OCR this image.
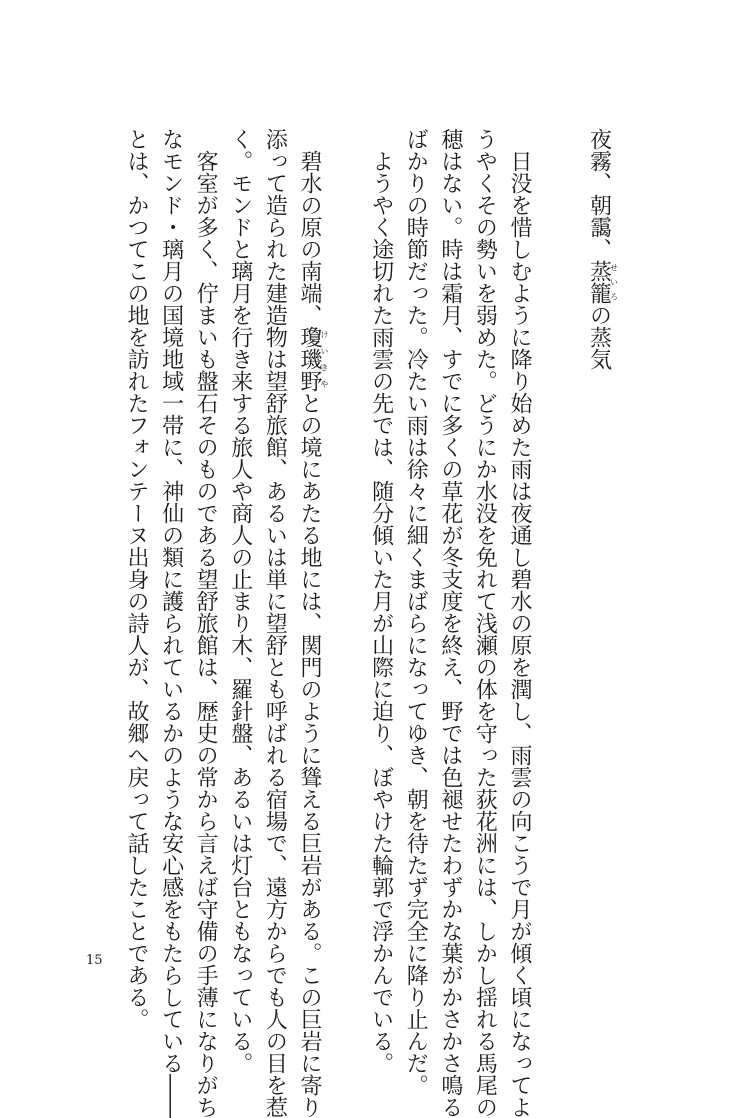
夜霧、朝靄、蒸籠せいろの蒸気
日没を惜しむように降り始めた雨は夜通し碧水の原を潤し、雨雲の向こうで月が傾く頃になってよ
うやくその勢いを弱めた。どうにか水没を免れて浅瀬の体を守った荻花洲には、しかし揺れる馬尾の
穂はない。時は霜月、すでに多くの草花が冬支度を終え、野では色褪せたわずかな葉がかさかさ鳴る
ばかりの時節だった。冷たい雨は徐々に細くまばらになってゆき、朝を待たず完全に降り止んだ。
ようやく途切れた雨雲の先では、随分傾いた月が山際に迫り、ぼやけた輪郭で浮かんでいる。
碧水の原の南端、瓊璣野けいきやとの境にあたる地には、関門のように聳える巨岩がある。この巨岩に寄り
添って造られた建造物は望舒旅館、あるいは単に望舒とも呼ばれる宿場で、遠方からでも人の目を惹
く。モンドと璃月を行き来する旅人や商人の止まり木、羅針盤、あるいは灯台ともなっている。
客室が多く、佇まいも盤石そのものである望舒旅館は、歴史の常から言えば守備の手薄になりがち
なモンド・璃月の国境地域一帯に、神仙の類に護られているかのような安心感をもたらしている――
とは、かつてこの地を訪れたフォンテーヌ出身の詩人が、故郷へ戻って話したことである。
15
